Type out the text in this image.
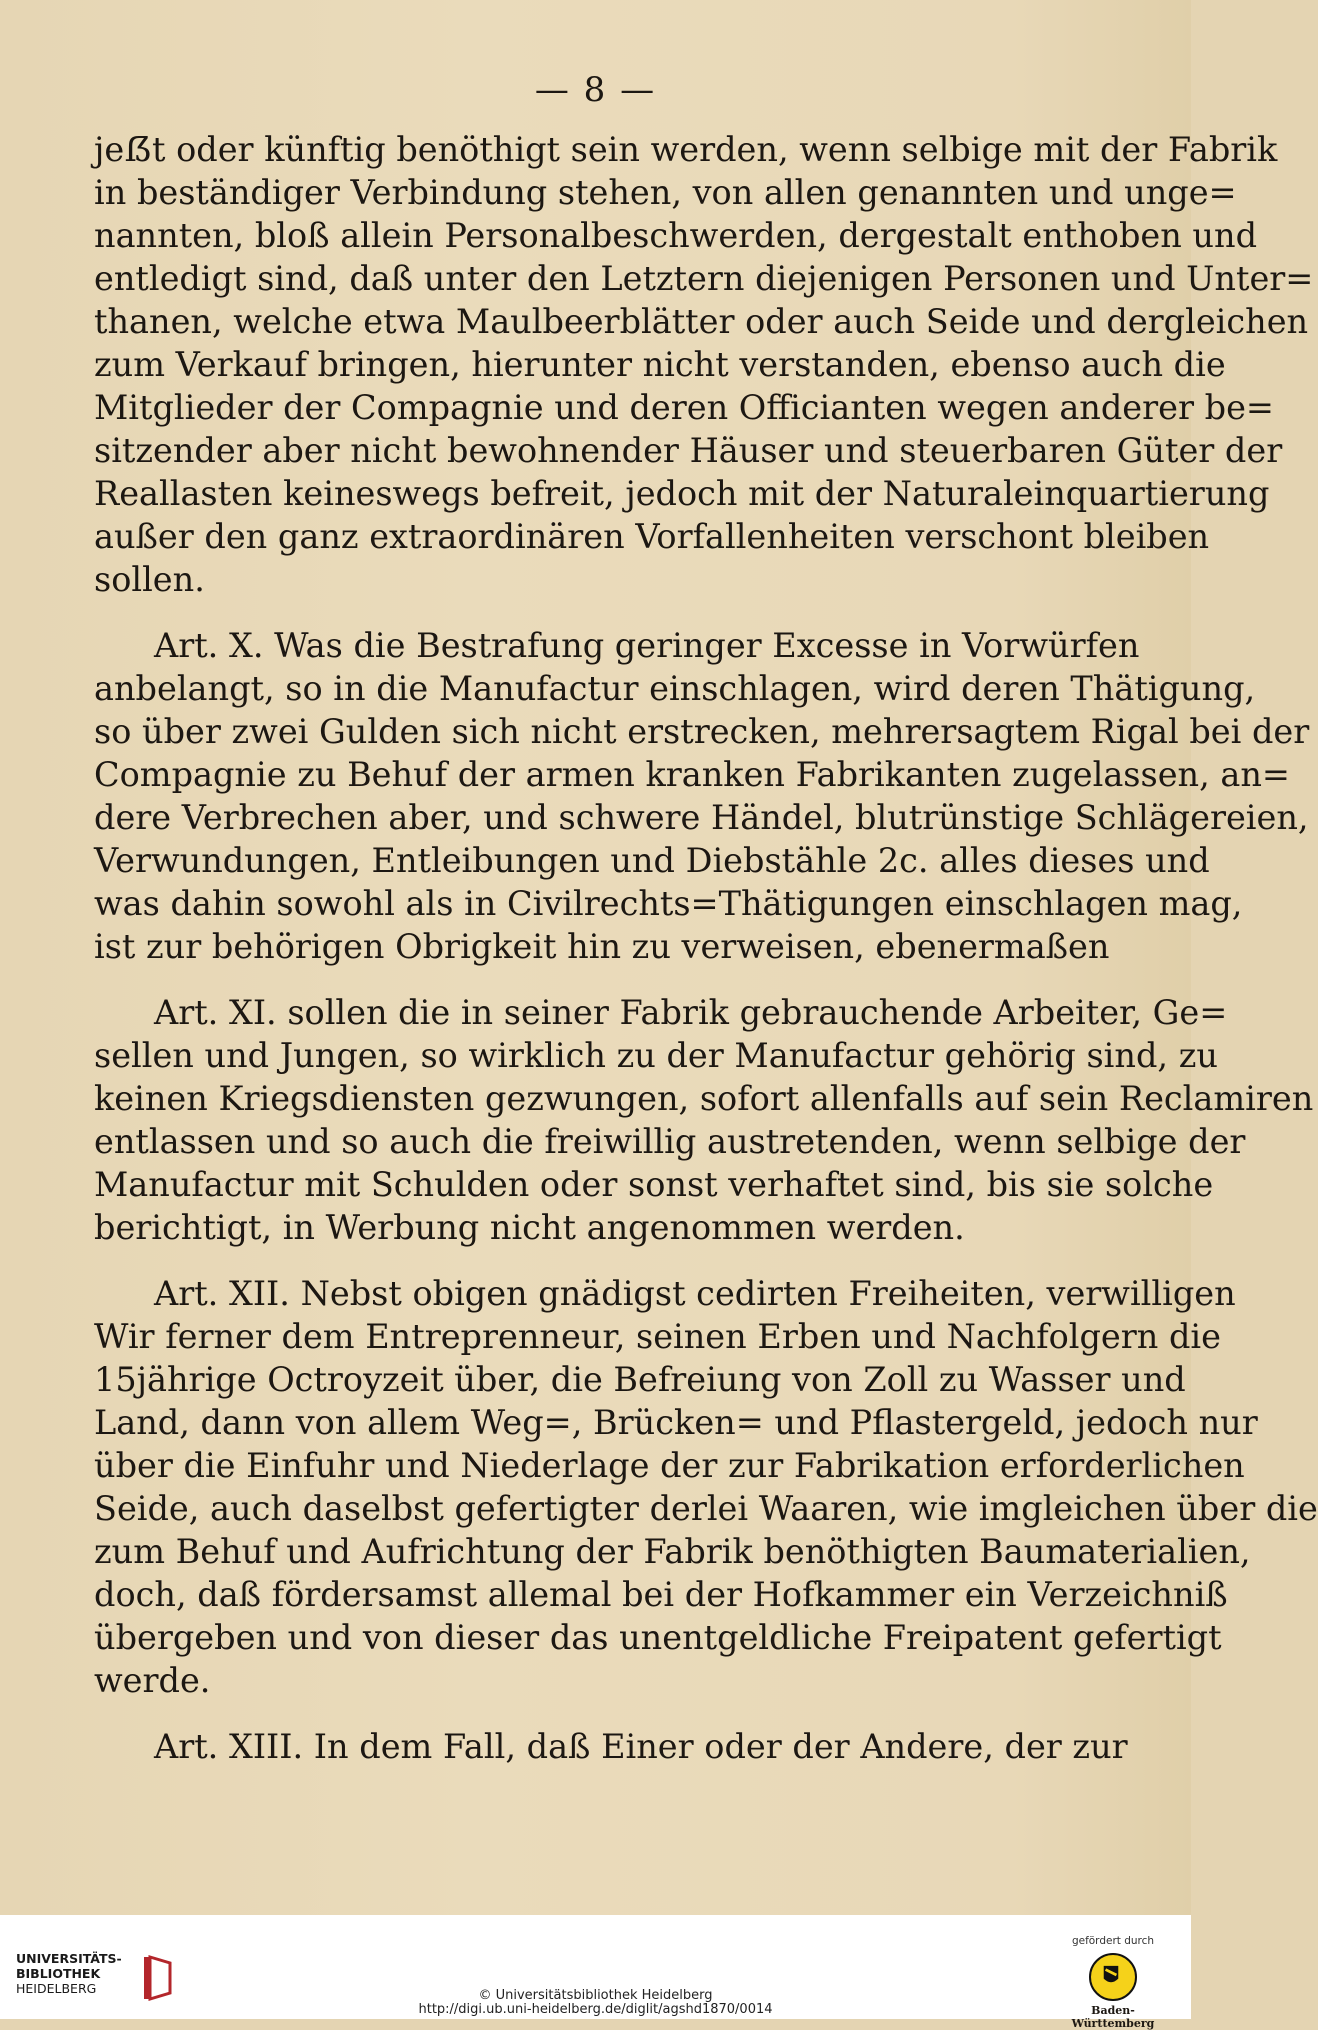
— 8 —
jeẞt oder künftig benöthigt sein werden, wenn selbige mit der Fabrik
in beständiger Verbindung stehen, von allen genannten und unge=
nannten, bloß allein Personalbeschwerden, dergestalt enthoben und
entledigt sind, daß unter den Letztern diejenigen Personen und Unter=
thanen, welche etwa Maulbeerblätter oder auch Seide und dergleichen
zum Verkauf bringen, hierunter nicht verstanden, ebenso auch die
Mitglieder der Compagnie und deren Officianten wegen anderer be=
sitzender aber nicht bewohnender Häuser und steuerbaren Güter der
Reallasten keineswegs befreit, jedoch mit der Naturaleinquartierung
außer den ganz extraordinären Vorfallenheiten verschont bleiben
sollen.
Art. X. Was die Bestrafung geringer Excesse in Vorwürfen
anbelangt, so in die Manufactur einschlagen, wird deren Thätigung,
so über zwei Gulden sich nicht erstrecken, mehrersagtem Rigal bei der
Compagnie zu Behuf der armen kranken Fabrikanten zugelassen, an=
dere Verbrechen aber, und schwere Händel, blutrünstige Schlägereien,
Verwundungen, Entleibungen und Diebstähle 2c. alles dieses und
was dahin sowohl als in Civilrechts=Thätigungen einschlagen mag,
ist zur behörigen Obrigkeit hin zu verweisen, ebenermaßen
Art. XI. sollen die in seiner Fabrik gebrauchende Arbeiter, Ge=
sellen und Jungen, so wirklich zu der Manufactur gehörig sind, zu
keinen Kriegsdiensten gezwungen, sofort allenfalls auf sein Reclamiren
entlassen und so auch die freiwillig austretenden, wenn selbige der
Manufactur mit Schulden oder sonst verhaftet sind, bis sie solche
berichtigt, in Werbung nicht angenommen werden.
Art. XII. Nebst obigen gnädigst cedirten Freiheiten, verwilligen
Wir ferner dem Entreprenneur, seinen Erben und Nachfolgern die
15jährige Octroyzeit über, die Befreiung von Zoll zu Wasser und
Land, dann von allem Weg=, Brücken= und Pflastergeld, jedoch nur
über die Einfuhr und Niederlage der zur Fabrikation erforderlichen
Seide, auch daselbst gefertigter derlei Waaren, wie imgleichen über die
zum Behuf und Aufrichtung der Fabrik benöthigten Baumaterialien,
doch, daß fördersamst allemal bei der Hofkammer ein Verzeichniß
übergeben und von dieser das unentgeldliche Freipatent gefertigt
werde.
Art. XIII. In dem Fall, daß Einer oder der Andere, der zur
UNIVERSITÄTS-
BIBLIOTHEK
HEIDELBERG	© Universitätsbibliothek Heidelberg
http://digi.ub.uni-heidelberg.de/diglit/agshd1870/0014
gefördert durch
Baden-Württemberg
